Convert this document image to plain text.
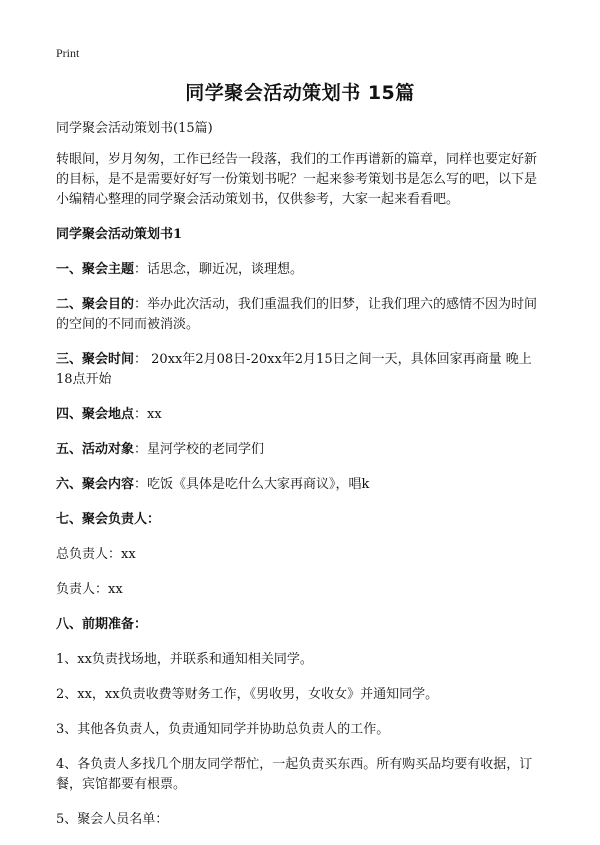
Print
同学聚会活动策划书 15篇

同学聚会活动策划书(15篇)

转眼间，岁月匆匆，工作已经告一段落，我们的工作再谱新的篇章，同样也要定好新的目标，是不是需要好好写一份策划书呢？一起来参考策划书是怎么写的吧，以下是小编精心整理的同学聚会活动策划书，仅供参考，大家一起来看看吧。

同学聚会活动策划书1

一、聚会主题：话思念，聊近况，谈理想。

二、聚会目的：举办此次活动，我们重温我们的旧梦，让我们理六的感情不因为时间的空间的不同而被消淡。

三、聚会时间： 20xx年2月08日-20xx年2月15日之间一天，具体回家再商量 晚上18点开始

四、聚会地点：xx

五、活动对象：星河学校的老同学们

六、聚会内容：吃饭《具体是吃什么大家再商议》，唱k

七、聚会负责人：

总负责人：xx

负责人：xx

八、前期准备：

1、xx负责找场地，并联系和通知相关同学。

2、xx，xx负责收费等财务工作，《男收男，女收女》并通知同学。

3、其他各负责人，负责通知同学并协助总负责人的工作。

4、各负责人多找几个朋友同学帮忙，一起负责买东西。所有购买品均要有收据，订餐，宾馆都要有根票。

5、聚会人员名单：
